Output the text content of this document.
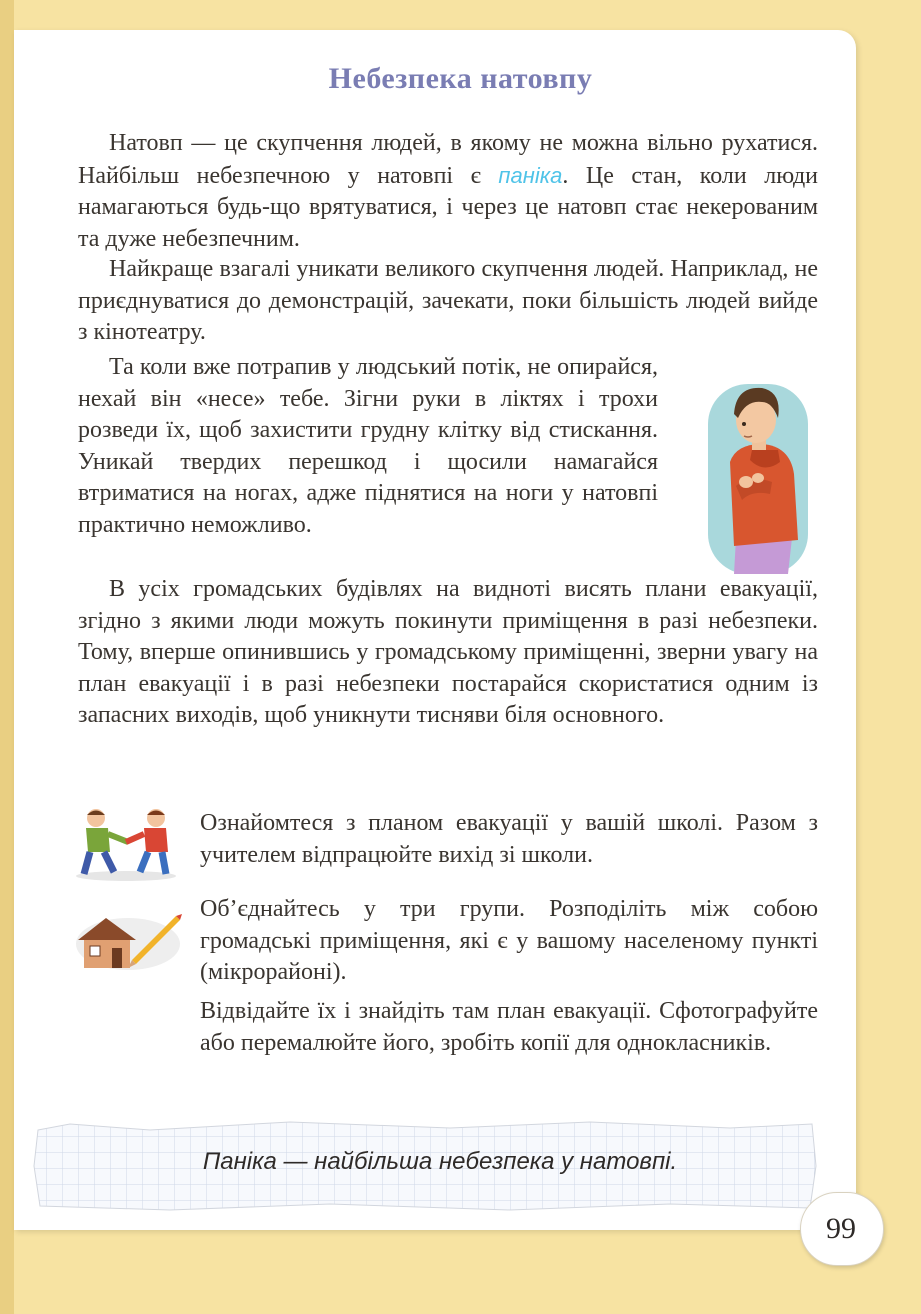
Небезпека натовпу

Натовп — це скупчення людей, в якому не можна вільно рухатися. Найбільш небезпечною у натовпі є паніка. Це стан, коли люди намагаються будь-що врятуватися, і через це натовп стає некерованим та дуже небезпечним.

Найкраще взагалі уникати великого скупчення людей. Наприклад, не приєднуватися до демонстрацій, зачекати, поки більшість людей вийде з кінотеатру.

Та коли вже потрапив у людський потік, не опирайся, нехай він «несе» тебе. Зігни руки в ліктях і трохи розведи їх, щоб захистити грудну клітку від стискання. Уникай твердих перешкод і щосили намагайся втриматися на ногах, адже піднятися на ноги у натовпі практично неможливо.

В усіх громадських будівлях на видноті висять плани евакуації, згідно з якими люди можуть покинути приміщення в разі небезпеки. Тому, вперше опинившись у громадському приміщенні, зверни увагу на план евакуації і в разі небезпеки постарайся скористатися одним із запасних виходів, щоб уникнути тисняви біля основного.

Ознайомтеся з планом евакуації у вашій школі. Разом з учителем відпрацюйте вихід зі школи.

Об’єднайтесь у три групи. Розподіліть між собою громадські приміщення, які є у вашому населеному пункті (мікрорайоні).

Відвідайте їх і знайдіть там план евакуації. Сфотографуйте або перемалюйте його, зробіть копії для однокласників.

Паніка — найбільша небезпека у натовпі.
99
